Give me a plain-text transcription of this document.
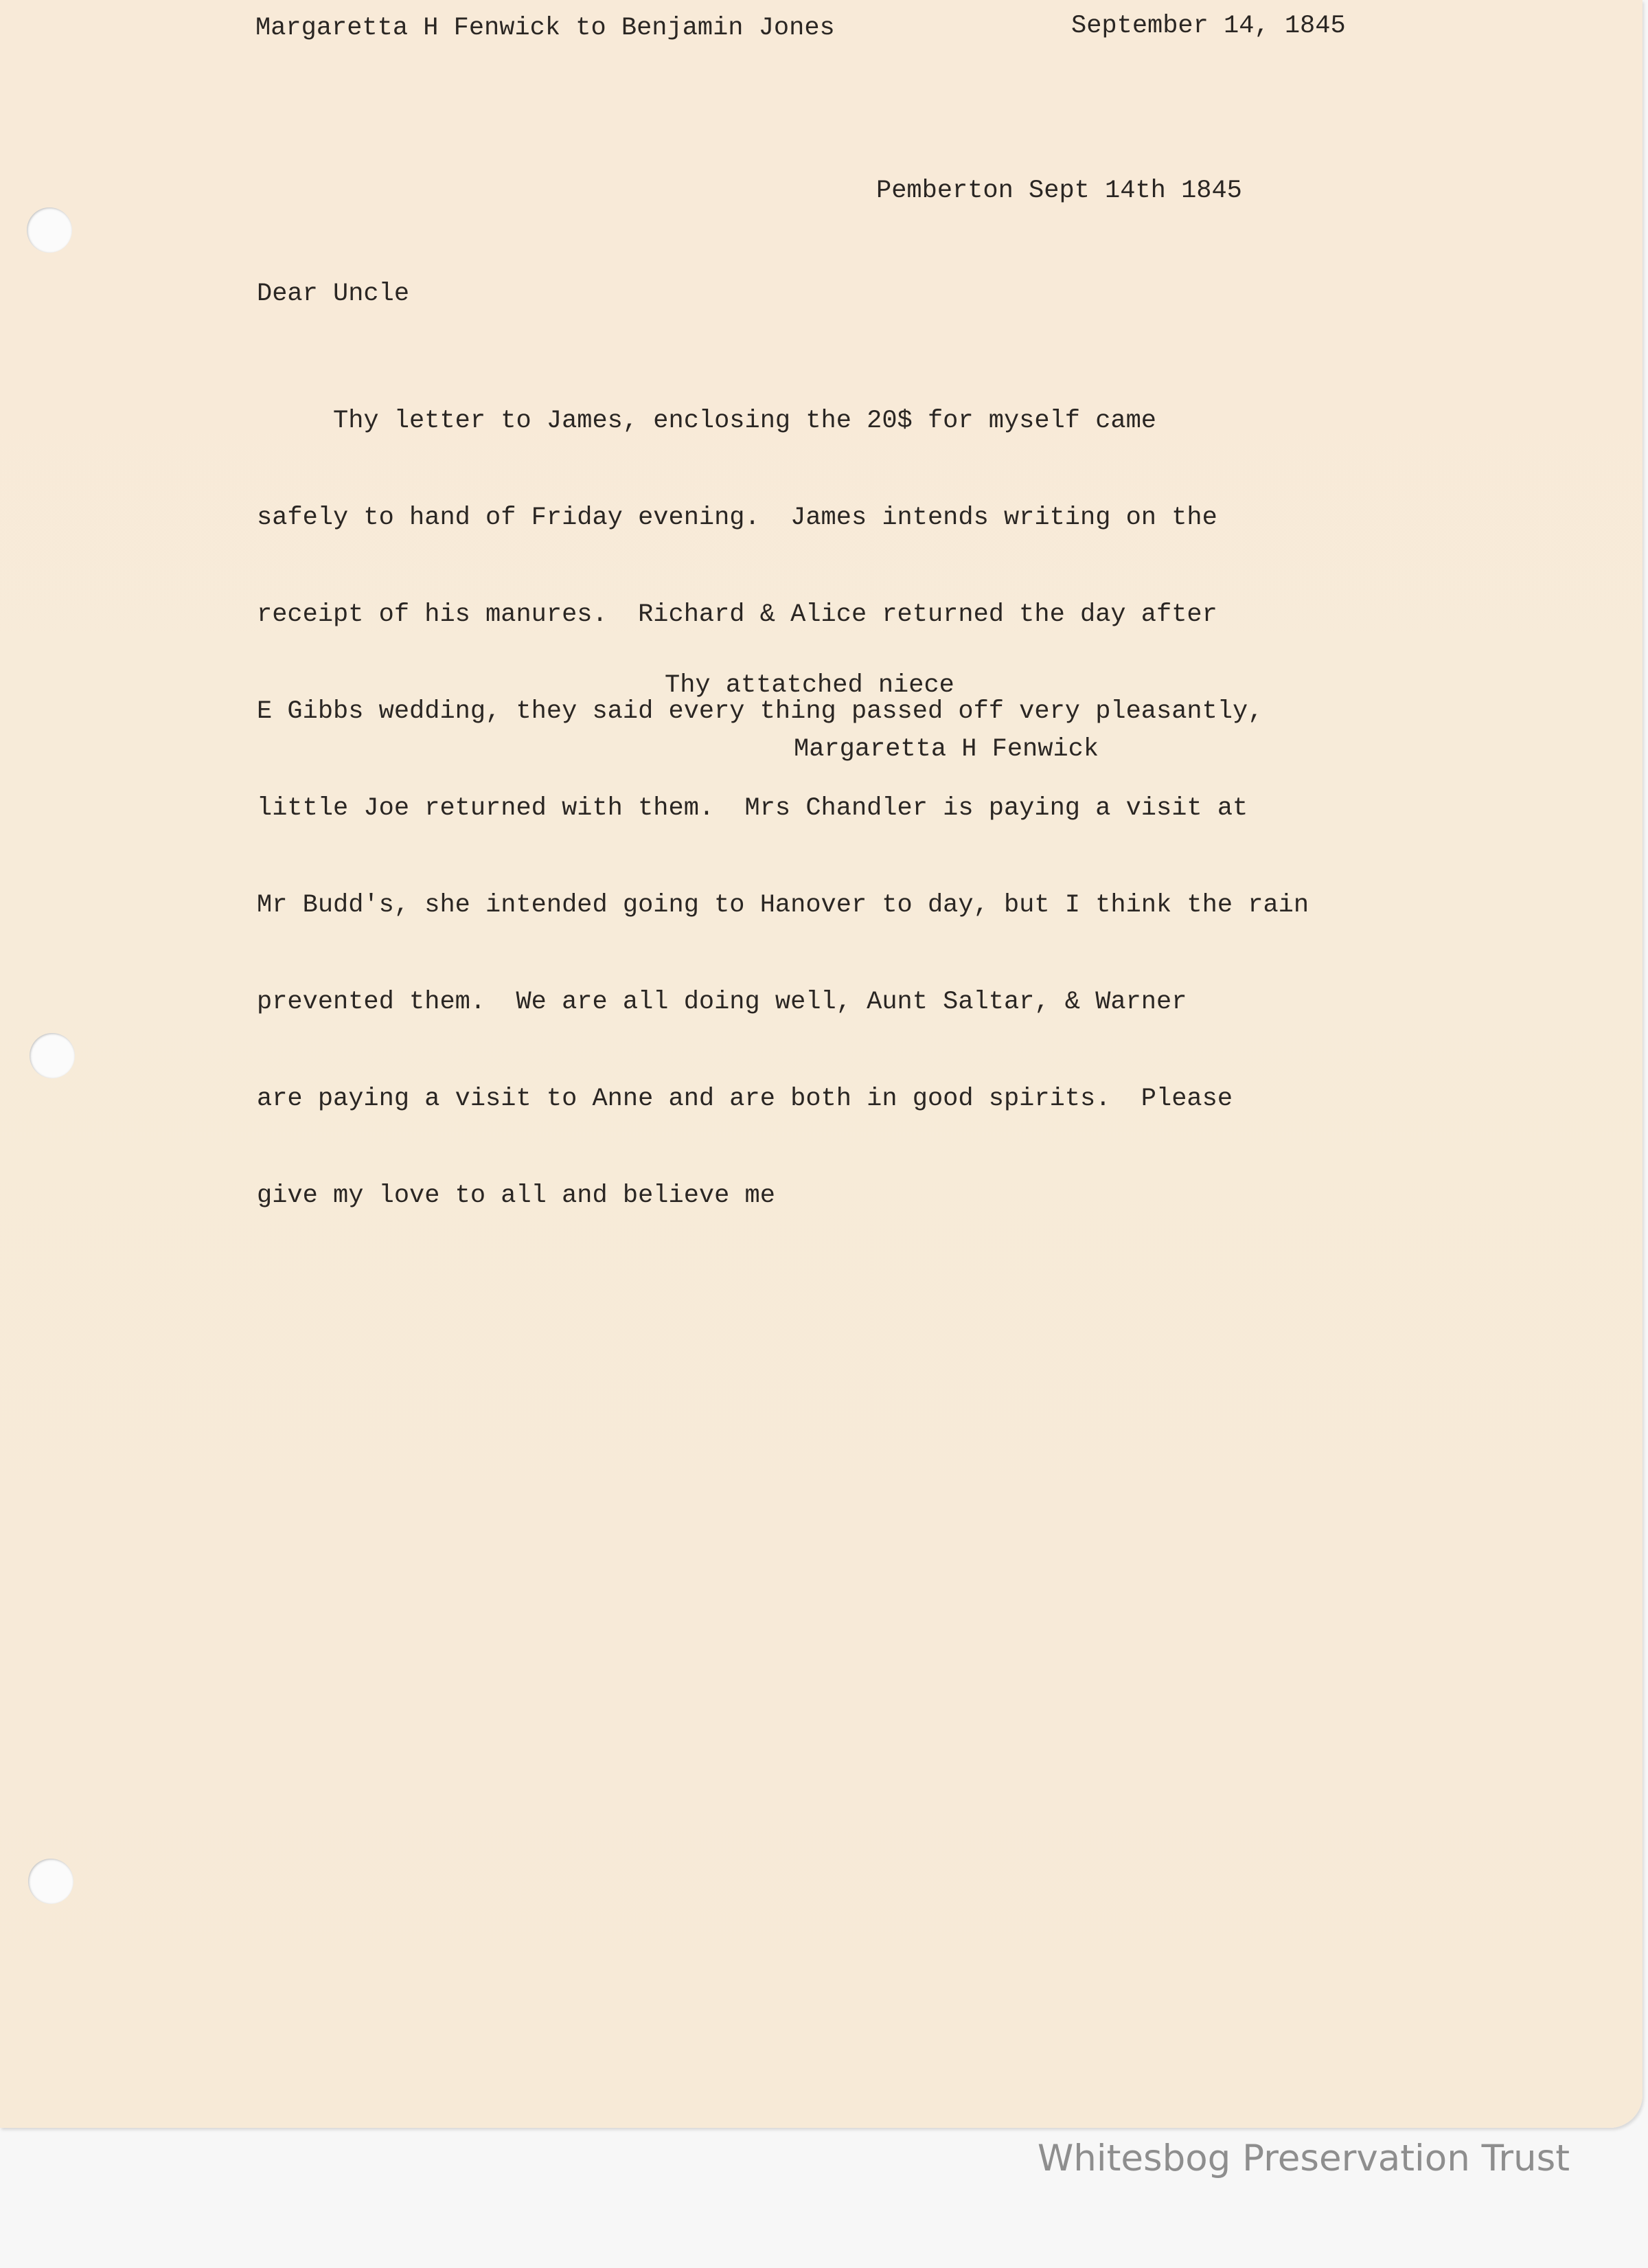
Margaretta H Fenwick to Benjamin Jones	September 14, 1845
Pemberton Sept 14th 1845
Dear Uncle

Thy letter to James, enclosing the 20$ for myself came

safely to hand of Friday evening.  James intends writing on the

receipt of his manures.  Richard & Alice returned the day after

E Gibbs wedding, they said every thing passed off very pleasantly,

little Joe returned with them.  Mrs Chandler is paying a visit at

Mr Budd's, she intended going to Hanover to day, but I think the rain

prevented them.  We are all doing well, Aunt Saltar, & Warner

are paying a visit to Anne and are both in good spirits.  Please

give my love to all and believe me

Thy attatched niece
Margaretta H Fenwick
Whitesbog Preservation Trust
